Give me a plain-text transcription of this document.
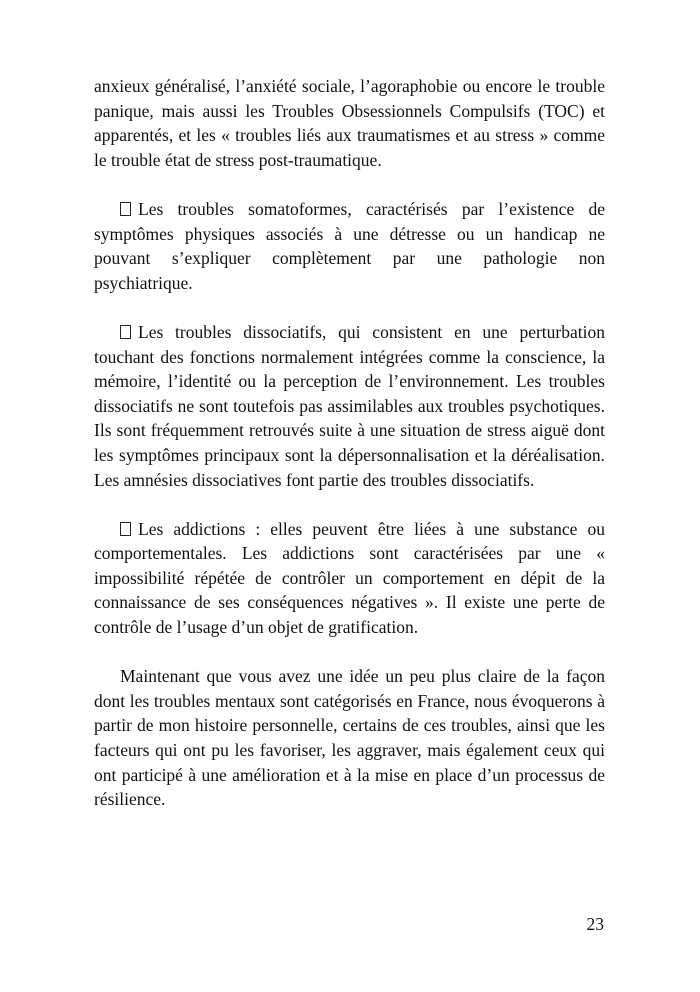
anxieux généralisé, l’anxiété sociale, l’agoraphobie ou encore le trouble panique, mais aussi les Troubles Obsessionnels Compulsifs (TOC) et apparentés, et les « troubles liés aux traumatismes et au stress » comme le trouble état de stress post-traumatique.

Les troubles somatoformes, caractérisés par l’existence de symptômes physiques associés à une détresse ou un handicap ne pouvant s’expliquer complètement par une pathologie non psychiatrique.

Les troubles dissociatifs, qui consistent en une perturbation touchant des fonctions normalement intégrées comme la conscience, la mémoire, l’identité ou la perception de l’environnement. Les troubles dissociatifs ne sont toutefois pas assimilables aux troubles psychotiques. Ils sont fréquemment retrouvés suite à une situation de stress aiguë dont les symptômes principaux sont la dépersonnalisation et la déréalisation. Les amnésies dissociatives font partie des troubles dissociatifs.

Les addictions : elles peuvent être liées à une substance ou comportementales. Les addictions sont caractérisées par une « impossibilité répétée de contrôler un comportement en dépit de la connaissance de ses conséquences négatives ». Il existe une perte de contrôle de l’usage d’un objet de gratification.

Maintenant que vous avez une idée un peu plus claire de la façon dont les troubles mentaux sont catégorisés en France, nous évoquerons à partir de mon histoire personnelle, certains de ces troubles, ainsi que les facteurs qui ont pu les favoriser, les aggraver, mais également ceux qui ont participé à une amélioration et à la mise en place d’un processus de résilience.

23
